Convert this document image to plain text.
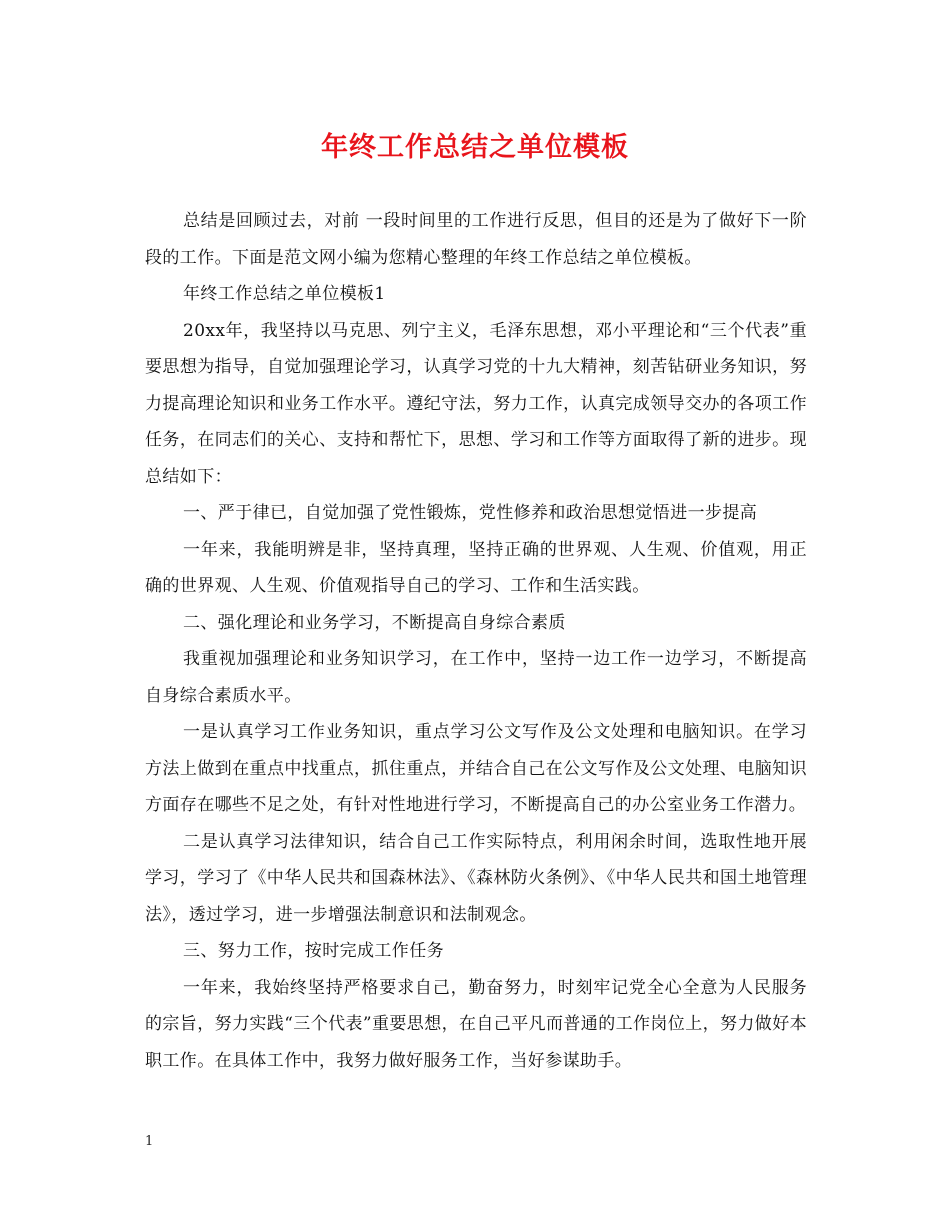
年终工作总结之单位模板

总结是回顾过去，对前 一段时间里的工作进行反思，但目的还是为了做好下一阶段的工作。下面是范文网小编为您精心整理的年终工作总结之单位模板。

年终工作总结之单位模板1

20xx年，我坚持以马克思、列宁主义，毛泽东思想，邓小平理论和“三个代表”重要思想为指导，自觉加强理论学习，认真学习党的十九大精神，刻苦钻研业务知识，努力提高理论知识和业务工作水平。遵纪守法，努力工作，认真完成领导交办的各项工作任务，在同志们的关心、支持和帮忙下，思想、学习和工作等方面取得了新的进步。现总结如下：

一、严于律已，自觉加强了党性锻炼，党性修养和政治思想觉悟进一步提高

一年来，我能明辨是非，坚持真理，坚持正确的世界观、人生观、价值观，用正确的世界观、人生观、价值观指导自己的学习、工作和生活实践。

二、强化理论和业务学习，不断提高自身综合素质

我重视加强理论和业务知识学习，在工作中，坚持一边工作一边学习，不断提高自身综合素质水平。

一是认真学习工作业务知识，重点学习公文写作及公文处理和电脑知识。在学习方法上做到在重点中找重点，抓住重点，并结合自己在公文写作及公文处理、电脑知识方面存在哪些不足之处，有针对性地进行学习，不断提高自己的办公室业务工作潜力。

二是认真学习法律知识，结合自己工作实际特点，利用闲余时间，选取性地开展学习，学习了《中华人民共和国森林法》、《森林防火条例》、《中华人民共和国土地管理法》，透过学习，进一步增强法制意识和法制观念。

三、努力工作，按时完成工作任务

一年来，我始终坚持严格要求自己，勤奋努力，时刻牢记党全心全意为人民服务的宗旨，努力实践“三个代表”重要思想，在自己平凡而普通的工作岗位上，努力做好本职工作。在具体工作中，我努力做好服务工作，当好参谋助手。

1
